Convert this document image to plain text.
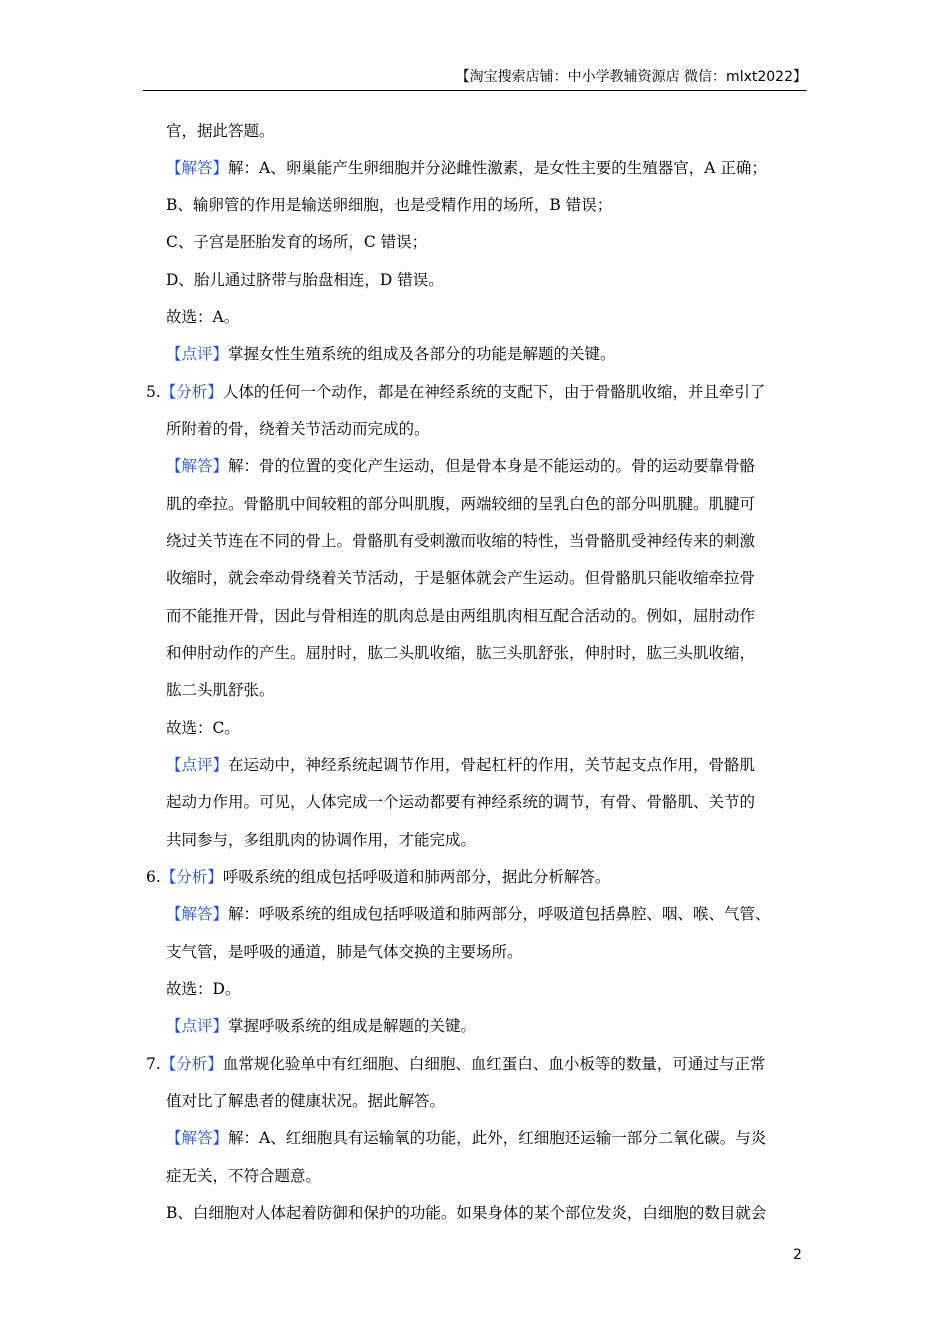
【淘宝搜索店铺：中小学教辅资源店 微信：mlxt2022】
官，据此答题。
【解答】解：A、卵巢能产生卵细胞并分泌雌性激素，是女性主要的生殖器官，A 正确；
B、输卵管的作用是输送卵细胞，也是受精作用的场所，B 错误；
C、子宫是胚胎发育的场所，C 错误；
D、胎儿通过脐带与胎盘相连，D 错误。
故选：A。
【点评】掌握女性生殖系统的组成及各部分的功能是解题的关键。
5.【分析】人体的任何一个动作，都是在神经系统的支配下，由于骨骼肌收缩，并且牵引了
所附着的骨，绕着关节活动而完成的。
【解答】解：骨的位置的变化产生运动，但是骨本身是不能运动的。骨的运动要靠骨骼
肌的牵拉。骨骼肌中间较粗的部分叫肌腹，两端较细的呈乳白色的部分叫肌腱。肌腱可
绕过关节连在不同的骨上。骨骼肌有受刺激而收缩的特性，当骨骼肌受神经传来的刺激
收缩时，就会牵动骨绕着关节活动，于是躯体就会产生运动。但骨骼肌只能收缩牵拉骨
而不能推开骨，因此与骨相连的肌肉总是由两组肌肉相互配合活动的。例如，屈肘动作
和伸肘动作的产生。屈肘时，肱二头肌收缩，肱三头肌舒张，伸肘时，肱三头肌收缩，
肱二头肌舒张。
故选：C。
【点评】在运动中，神经系统起调节作用，骨起杠杆的作用，关节起支点作用，骨骼肌
起动力作用。可见，人体完成一个运动都要有神经系统的调节，有骨、骨骼肌、关节的
共同参与，多组肌肉的协调作用，才能完成。
6.【分析】呼吸系统的组成包括呼吸道和肺两部分，据此分析解答。
【解答】解：呼吸系统的组成包括呼吸道和肺两部分，呼吸道包括鼻腔、咽、喉、气管、
支气管，是呼吸的通道，肺是气体交换的主要场所。
故选：D。
【点评】掌握呼吸系统的组成是解题的关键。
7.【分析】血常规化验单中有红细胞、白细胞、血红蛋白、血小板等的数量，可通过与正常
值对比了解患者的健康状况。据此解答。
【解答】解：A、红细胞具有运输氧的功能，此外，红细胞还运输一部分二氧化碳。与炎
症无关，不符合题意。
B、白细胞对人体起着防御和保护的功能。如果身体的某个部位发炎，白细胞的数目就会
2
